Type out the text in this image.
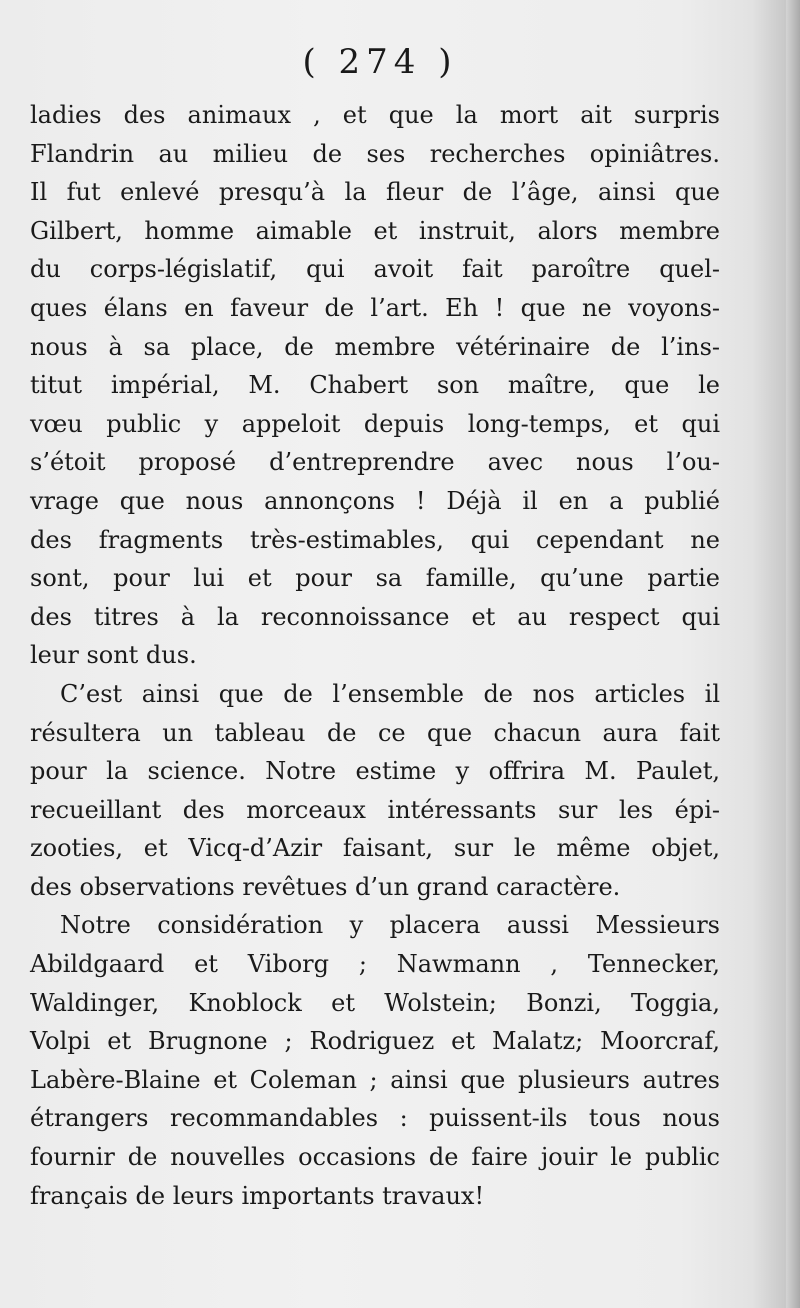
( 274 )
ladies des animaux , et que la mort ait surpris
Flandrin au milieu de ses recherches opiniâtres.
Il fut enlevé presqu’à la fleur de l’âge, ainsi que
Gilbert, homme aimable et instruit, alors membre
du corps-législatif, qui avoit fait paroître quel-
ques élans en faveur de l’art. Eh ! que ne voyons-
nous à sa place, de membre vétérinaire de l’ins-
titut impérial, M. Chabert son maître, que le
vœu public y appeloit depuis long-temps, et qui
s’étoit proposé d’entreprendre avec nous l’ou-
vrage que nous annonçons ! Déjà il en a publié
des fragments très-estimables, qui cependant ne
sont, pour lui et pour sa famille, qu’une partie
des titres à la reconnoissance et au respect qui
leur sont dus.
C’est ainsi que de l’ensemble de nos articles il
résultera un tableau de ce que chacun aura fait
pour la science. Notre estime y offrira M. Paulet,
recueillant des morceaux intéressants sur les épi-
zooties, et Vicq-d’Azir faisant, sur le même objet,
des observations revêtues d’un grand caractère.
Notre considération y placera aussi Messieurs
Abildgaard et Viborg ; Nawmann , Tennecker,
Waldinger, Knoblock et Wolstein; Bonzi, Toggia,
Volpi et Brugnone ; Rodriguez et Malatz; Moorcraf,
Labère-Blaine et Coleman ; ainsi que plusieurs autres
étrangers recommandables : puissent-ils tous nous
fournir de nouvelles occasions de faire jouir le public
français de leurs importants travaux!
